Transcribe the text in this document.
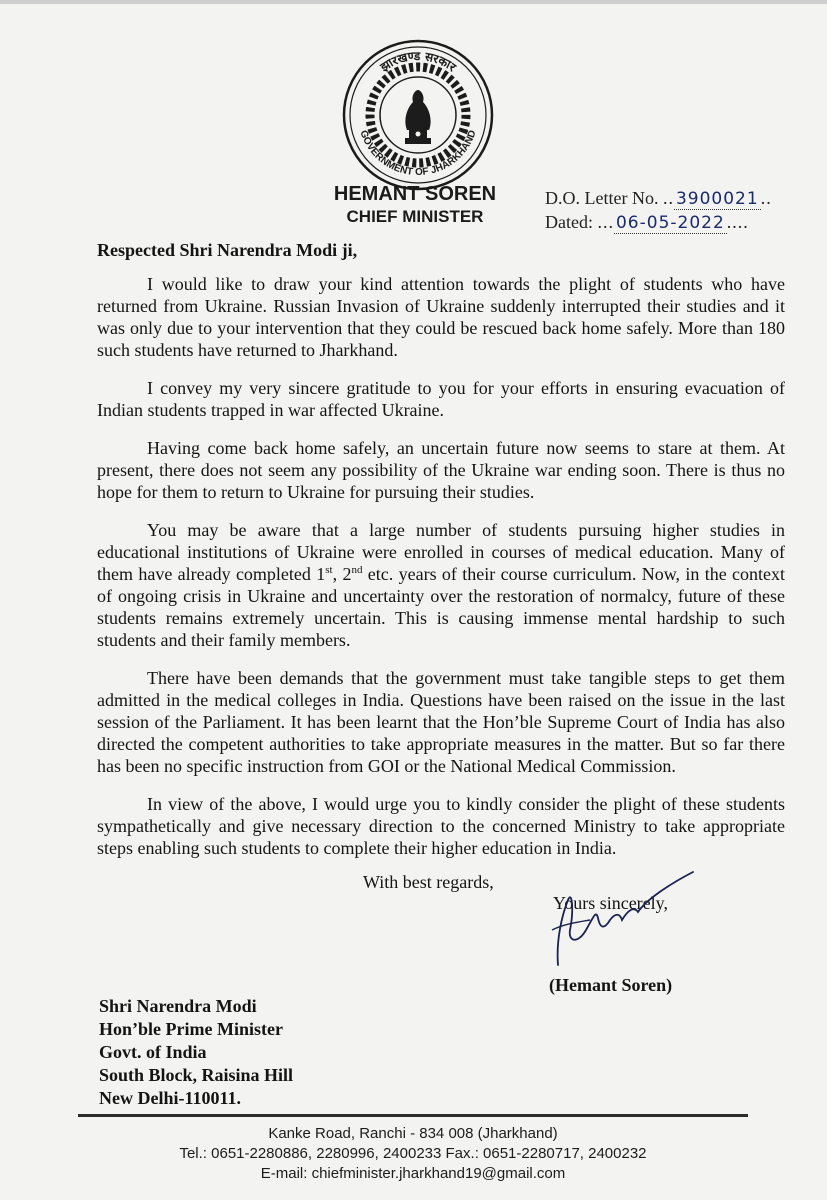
झारखण्ड सरकार
GOVERNMENT OF JHARKHAND
HEMANT SOREN
CHIEF MINISTER
D.O. Letter No. .. 3900021 ..
Dated: ... 06-05-2022 ....
Respected Shri Narendra Modi ji,

I would like to draw your kind attention towards the plight of students who have returned from Ukraine. Russian Invasion of Ukraine suddenly interrupted their studies and it was only due to your intervention that they could be rescued back home safely. More than 180 such students have returned to Jharkhand.

I convey my very sincere gratitude to you for your efforts in ensuring evacuation of Indian students trapped in war affected Ukraine.

Having come back home safely, an uncertain future now seems to stare at them. At present, there does not seem any possibility of the Ukraine war ending soon. There is thus no hope for them to return to Ukraine for pursuing their studies.

You may be aware that a large number of students pursuing higher studies in educational institutions of Ukraine were enrolled in courses of medical education. Many of them have already completed 1st, 2nd etc. years of their course curriculum. Now, in the context of ongoing crisis in Ukraine and uncertainty over the restoration of normalcy, future of these students remains extremely uncertain. This is causing immense mental hardship to such students and their family members.

There have been demands that the government must take tangible steps to get them admitted in the medical colleges in India. Questions have been raised on the issue in the last session of the Parliament. It has been learnt that the Hon’ble Supreme Court of India has also directed the competent authorities to take appropriate measures in the matter. But so far there has been no specific instruction from GOI or the National Medical Commission.

In view of the above, I would urge you to kindly consider the plight of these students sympathetically and give necessary direction to the concerned Ministry to take appropriate steps enabling such students to complete their higher education in India.

With best regards,
Yours sincerely,
(Hemant Soren)
Shri Narendra Modi
Hon’ble Prime Minister
Govt. of India
South Block, Raisina Hill
New Delhi-110011.
Kanke Road, Ranchi - 834 008 (Jharkhand)
Tel.: 0651-2280886, 2280996, 2400233 Fax.: 0651-2280717, 2400232
E-mail: chiefminister.jharkhand19@gmail.com
